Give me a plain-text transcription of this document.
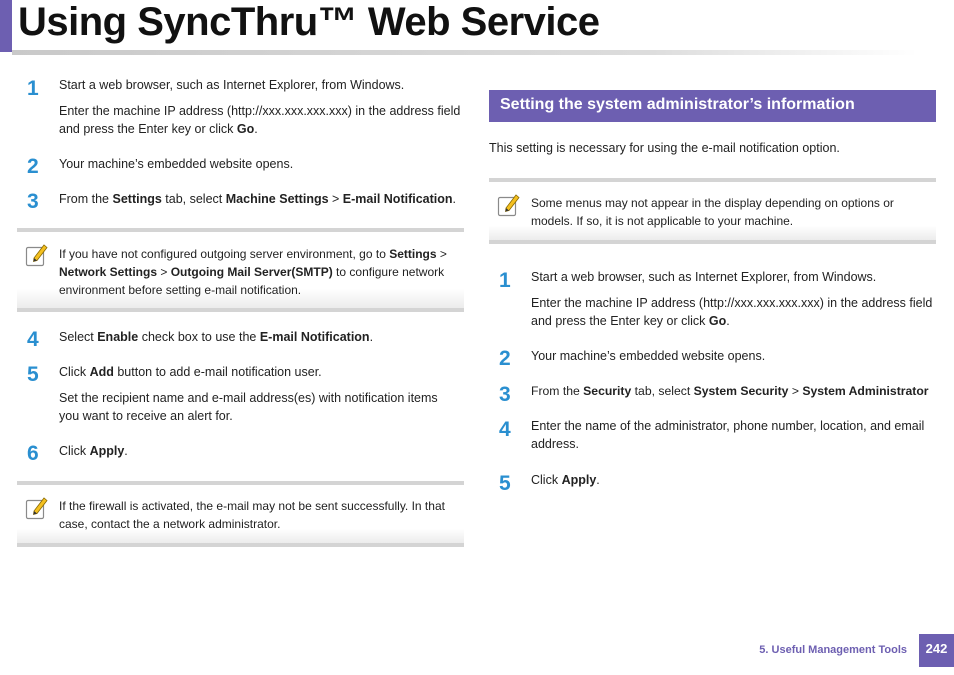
Using SyncThru™ Web Service
1 Start a web browser, such as Internet Explorer, from Windows.
Enter the machine IP address (http://xxx.xxx.xxx.xxx) in the address field and press the Enter key or click Go.
2 Your machine’s embedded website opens.
3 From the Settings tab, select Machine Settings > E-mail Notification.
If you have not configured outgoing server environment, go to Settings > Network Settings > Outgoing Mail Server(SMTP) to configure network environment before setting e-mail notification.
4 Select Enable check box to use the E-mail Notification.
5 Click Add button to add e-mail notification user.
Set the recipient name and e-mail address(es) with notification items you want to receive an alert for.
6 Click Apply.
If the firewall is activated, the e-mail may not be sent successfully. In that case, contact the a network administrator.
Setting the system administrator’s information
This setting is necessary for using the e-mail notification option.
Some menus may not appear in the display depending on options or models. If so, it is not applicable to your machine.
1 Start a web browser, such as Internet Explorer, from Windows.
Enter the machine IP address (http://xxx.xxx.xxx.xxx) in the address field and press the Enter key or click Go.
2 Your machine’s embedded website opens.
3 From the Security tab, select System Security > System Administrator
4 Enter the name of the administrator, phone number, location, and email address.
5 Click Apply.
5. Useful Management Tools	242
